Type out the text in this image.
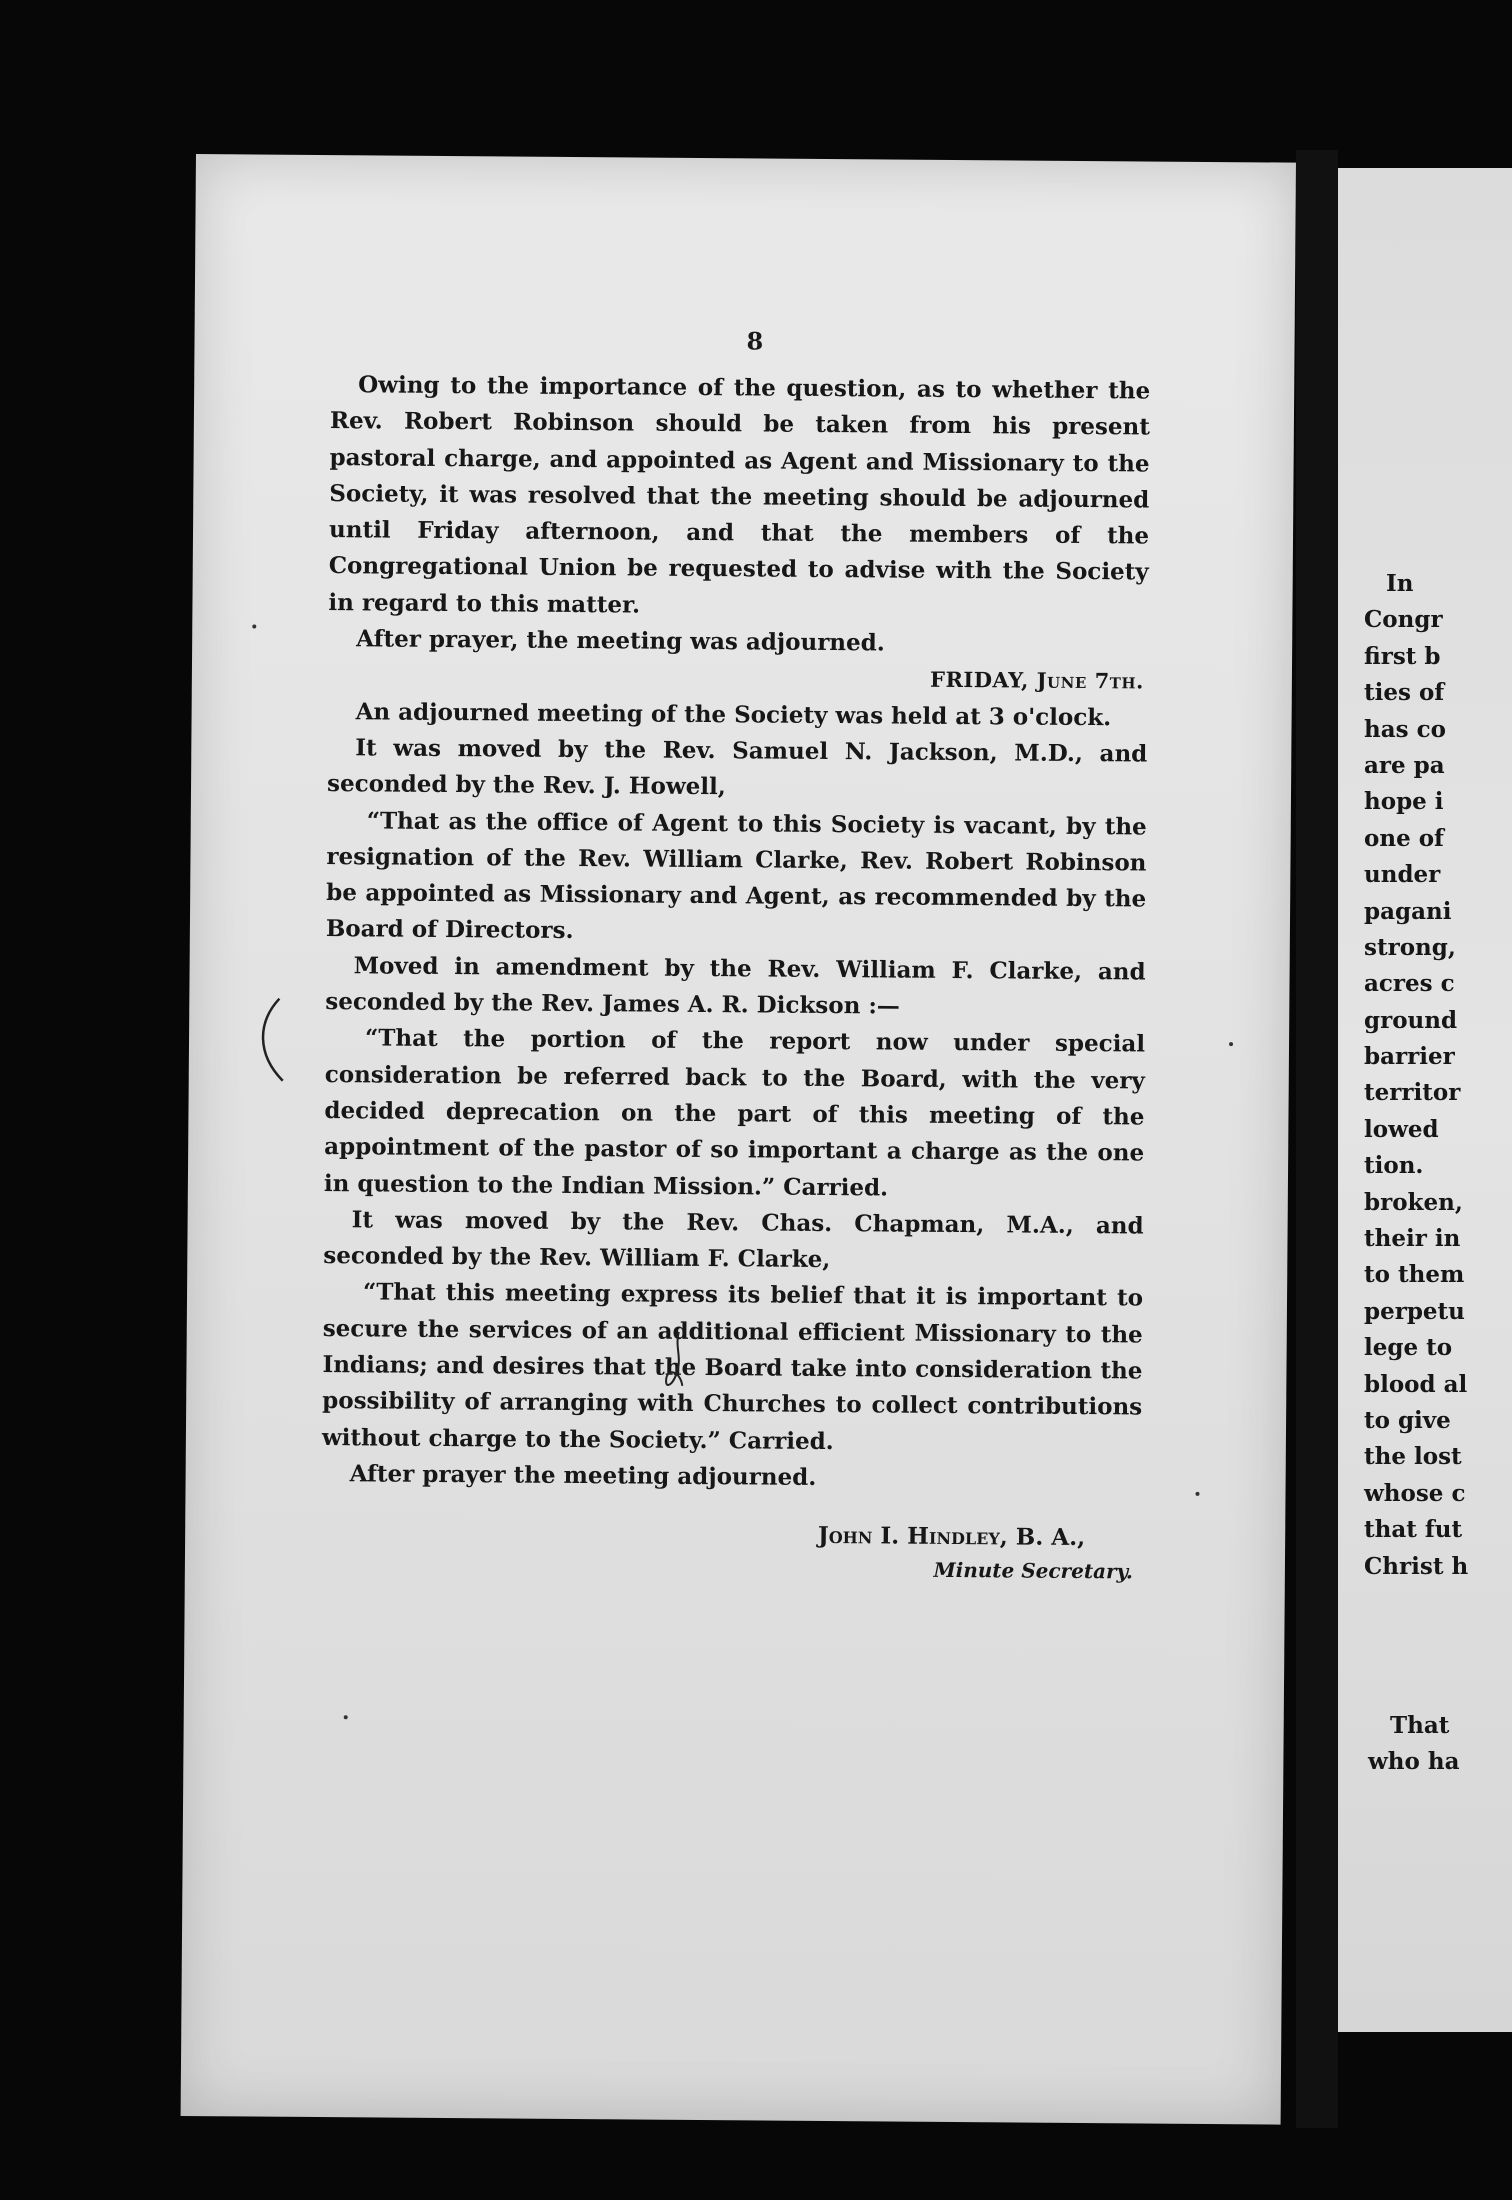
8

Owing to the importance of the question, as to whether the Rev. Robert Robinson should be taken from his present pastoral charge, and appointed as Agent and Missionary to the Society, it was resolved that the meeting should be adjourned until Friday afternoon, and that the members of the Congregational Union be requested to advise with the Society in regard to this matter.

After prayer, the meeting was adjourned.

FRIDAY, June 7th.

An adjourned meeting of the Society was held at 3 o'clock.

It was moved by the Rev. Samuel N. Jackson, M.D., and seconded by the Rev. J. Howell,

“That as the office of Agent to this Society is vacant, by the resignation of the Rev. William Clarke, Rev. Robert Robinson be appointed as Missionary and Agent, as recommended by the Board of Directors.

Moved in amendment by the Rev. William F. Clarke, and seconded by the Rev. James A. R. Dickson :—

“That the portion of the report now under special consideration be referred back to the Board, with the very decided deprecation on the part of this meeting of the appointment of the pastor of so important a charge as the one in question to the Indian Mission.” Carried.

It was moved by the Rev. Chas. Chapman, M.A., and seconded by the Rev. William F. Clarke,

“That this meeting express its belief that it is important to secure the services of an additional efficient Missionary to the Indians; and desires that the Board take into consideration the possibility of arranging with Churches to collect contributions without charge to the Society.” Carried.

After prayer the meeting adjourned.

John I. Hindley, B. A.,
Minute Secretary.
In
Congr
first b
ties of
has co
are pa
hope i
one of
under
pagani
strong,
acres c
ground
barrier
territor
lowed
tion.
broken,
their in
to them
perpetu
lege to
blood al
to give
the lost
whose c
that fut
Christ h
That
who ha
